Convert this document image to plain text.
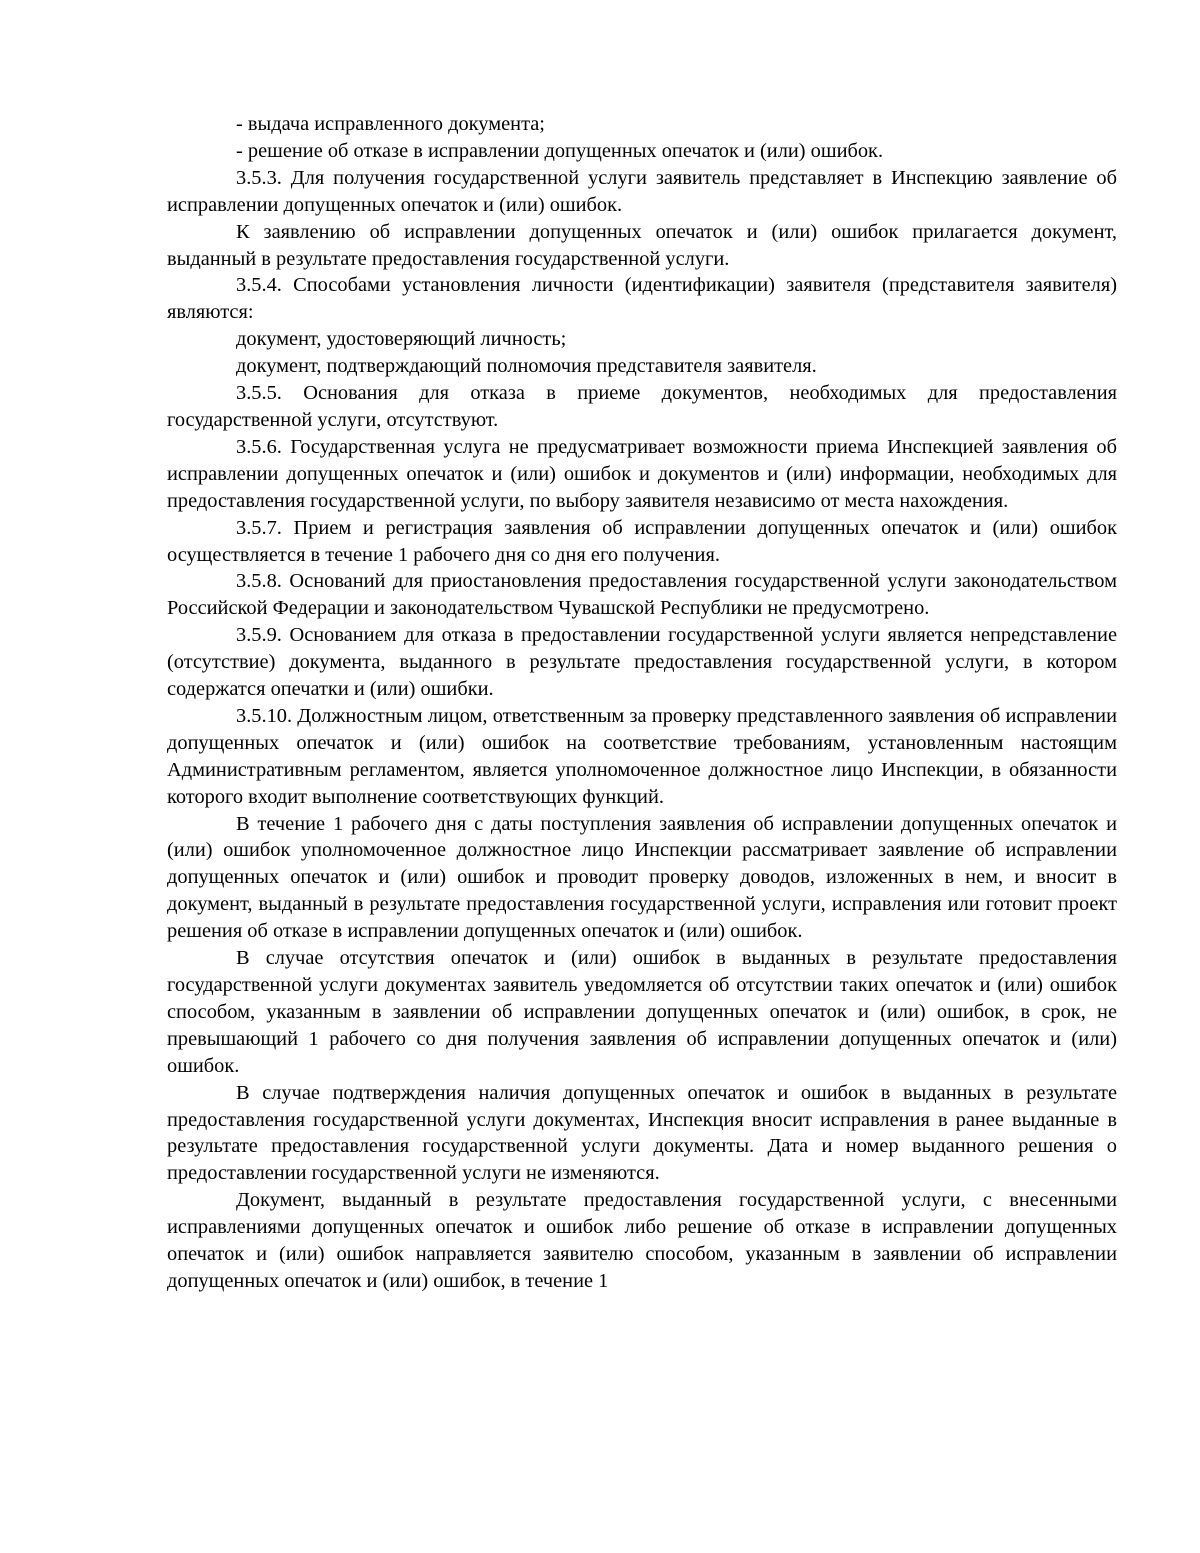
- выдача исправленного документа;

- решение об отказе в исправлении допущенных опечаток и (или) ошибок.

3.5.3. Для получения государственной услуги заявитель представляет в Инспекцию заявление об исправлении допущенных опечаток и (или) ошибок.

К заявлению об исправлении допущенных опечаток и (или) ошибок прилагается документ, выданный в результате предоставления государственной услуги.

3.5.4. Способами установления личности (идентификации) заявителя (представителя заявителя) являются:

документ, удостоверяющий личность;

документ, подтверждающий полномочия представителя заявителя.

3.5.5. Основания для отказа в приеме документов, необходимых для предоставления государственной услуги, отсутствуют.

3.5.6. Государственная услуга не предусматривает возможности приема Инспекцией заявления об исправлении допущенных опечаток и (или) ошибок и документов и (или) информации, необходимых для предоставления государственной услуги, по выбору заявителя независимо от места нахождения.

3.5.7. Прием и регистрация заявления об исправлении допущенных опечаток и (или) ошибок осуществляется в течение 1 рабочего дня со дня его получения.

3.5.8. Оснований для приостановления предоставления государственной услуги законодательством Российской Федерации и законодательством Чувашской Республики не предусмотрено.

3.5.9. Основанием для отказа в предоставлении государственной услуги является непредставление (отсутствие) документа, выданного в результате предоставления государственной услуги, в котором содержатся опечатки и (или) ошибки.

3.5.10. Должностным лицом, ответственным за проверку представленного заявления об исправлении допущенных опечаток и (или) ошибок на соответствие требованиям, установленным настоящим Административным регламентом, является уполномоченное должностное лицо Инспекции, в обязанности которого входит выполнение соответствующих функций.

В течение 1 рабочего дня с даты поступления заявления об исправлении допущенных опечаток и (или) ошибок уполномоченное должностное лицо Инспекции рассматривает заявление об исправлении допущенных опечаток и (или) ошибок и проводит проверку доводов, изложенных в нем, и вносит в документ, выданный в результате предоставления государственной услуги, исправления или готовит проект решения об отказе в исправлении допущенных опечаток и (или) ошибок.

В случае отсутствия опечаток и (или) ошибок в выданных в результате предоставления государственной услуги документах заявитель уведомляется об отсутствии таких опечаток и (или) ошибок способом, указанным в заявлении об исправлении допущенных опечаток и (или) ошибок, в срок, не превышающий 1 рабочего со дня получения заявления об исправлении допущенных опечаток и (или) ошибок.

В случае подтверждения наличия допущенных опечаток и ошибок в выданных в результате предоставления государственной услуги документах, Инспекция вносит исправления в ранее выданные в результате предоставления государственной услуги документы. Дата и номер выданного решения о предоставлении государственной услуги не изменяются.

Документ, выданный в результате предоставления государственной услуги, с внесенными исправлениями допущенных опечаток и ошибок либо решение об отказе в исправлении допущенных опечаток и (или) ошибок направляется заявителю способом, указанным в заявлении об исправлении допущенных опечаток и (или) ошибок, в течение 1
